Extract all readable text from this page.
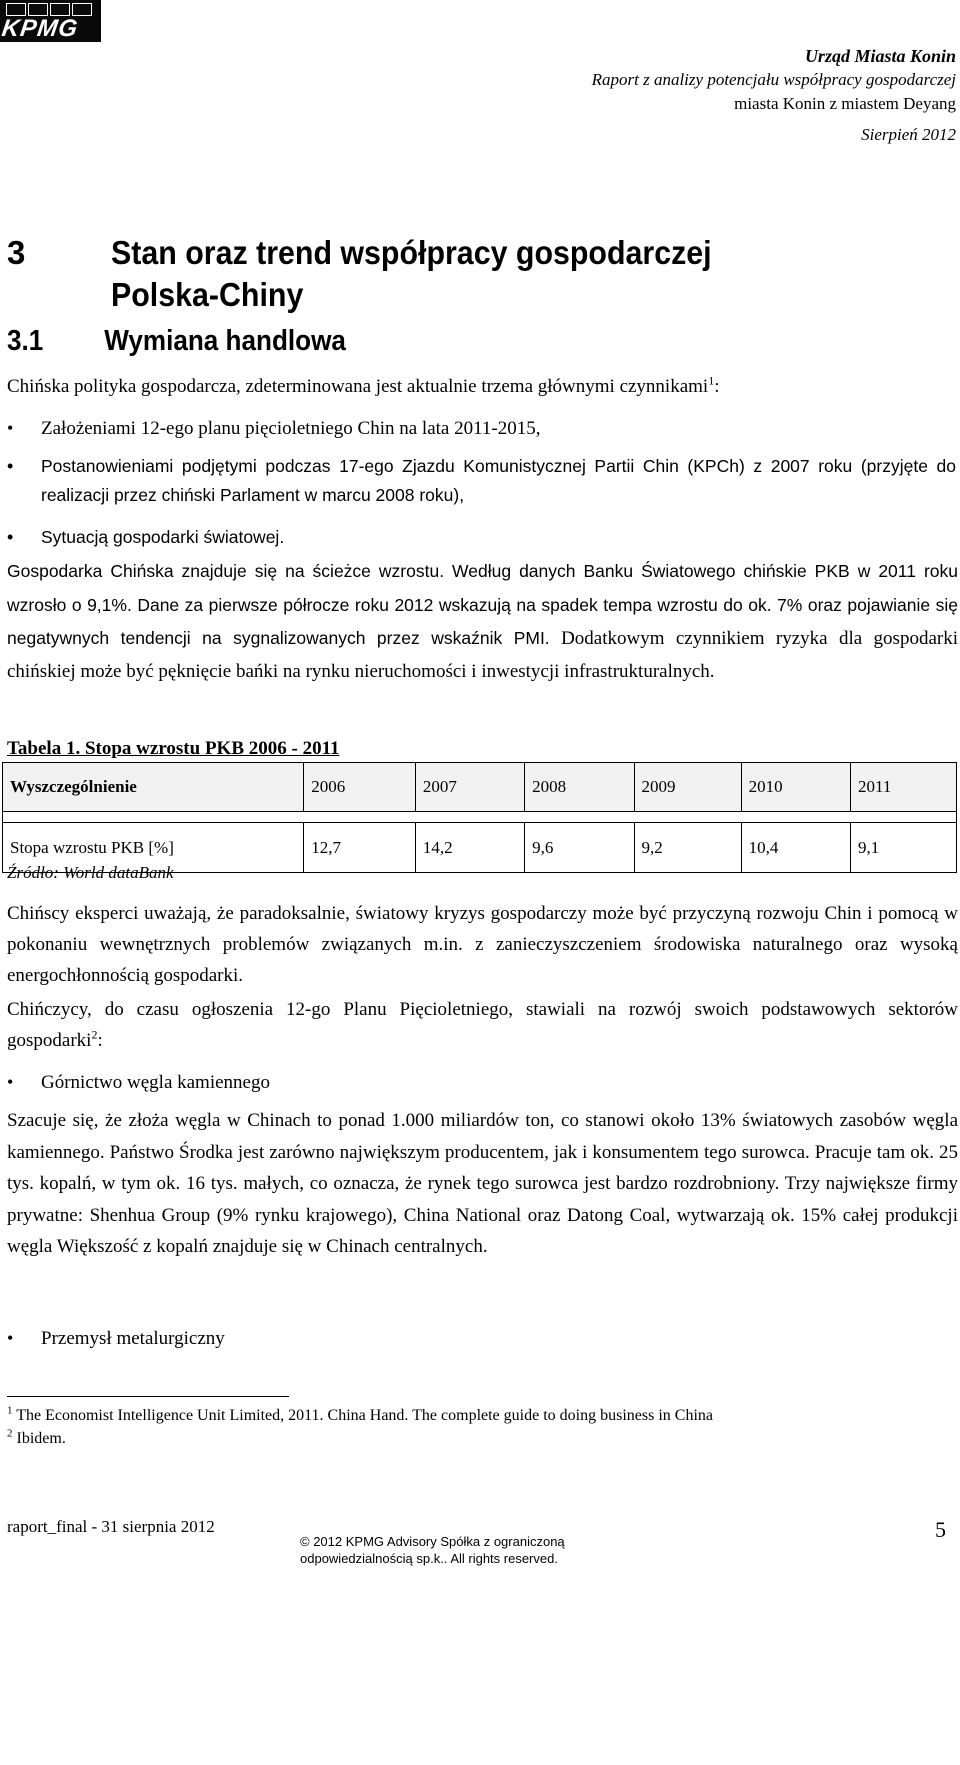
KPMG
Urząd Miasta Konin
Raport z analizy potencjału współpracy gospodarczej
miasta Konin z miastem Deyang
Sierpień 2012
3	Stan oraz trend współpracy gospodarczej Polska-Chiny
3.1 Wymiana handlowa
Chińska polityka gospodarcza, zdeterminowana jest aktualnie trzema głównymi czynnikami$^1$:
•	Założeniami 12-ego planu pięcioletniego Chin na lata 2011-2015,
•	Postanowieniami podjętymi podczas 17-ego Zjazdu Komunistycznej Partii Chin (KPCh) z 2007 roku (przyjęte do realizacji przez chiński Parlament w marcu 2008 roku),
•	Sytuacją gospodarki światowej.
Gospodarka Chińska znajduje się na ścieżce wzrostu. Według danych Banku Światowego chińskie PKB w 2011 roku wzrosło o 9,1%. Dane za pierwsze półrocze roku 2012 wskazują na spadek tempa wzrostu do ok. 7% oraz pojawianie się negatywnych tendencji na sygnalizowanych przez wskaźnik PMI. Dodatkowym czynnikiem ryzyka dla gospodarki chińskiej może być pęknięcie bańki na rynku nieruchomości i inwestycji infrastrukturalnych.
Tabela 1. Stopa wzrostu PKB 2006 - 2011
Wyszczególnienie	2006	2007	2008	2009	2010	2011

Stopa wzrostu PKB [%]	12,7	14,2	9,6	9,2	10,4	9,1
Źródło: World dataBank
Chińscy eksperci uważają, że paradoksalnie, światowy kryzys gospodarczy może być przyczyną rozwoju Chin i pomocą w pokonaniu wewnętrznych problemów związanych m.in. z zanieczyszczeniem środowiska naturalnego oraz wysoką energochłonnością gospodarki.
Chińczycy, do czasu ogłoszenia 12-go Planu Pięcioletniego, stawiali na rozwój swoich podstawowych sektorów gospodarki$^2$:
•	Górnictwo węgla kamiennego
Szacuje się, że złoża węgla w Chinach to ponad 1.000 miliardów ton, co stanowi około 13% światowych zasobów węgla kamiennego. Państwo Środka jest zarówno największym producentem, jak i konsumentem tego surowca. Pracuje tam ok. 25 tys. kopalń, w tym ok. 16 tys. małych, co oznacza, że rynek tego surowca jest bardzo rozdrobniony. Trzy największe firmy prywatne: Shenhua Group (9% rynku krajowego), China National oraz Datong Coal, wytwarzają ok. 15% całej produkcji węgla Większość z kopalń znajduje się w Chinach centralnych.
•	Przemysł metalurgiczny
$^1$ The Economist Intelligence Unit Limited, 2011. China Hand. The complete guide to doing business in China
$^2$ Ibidem.
raport_final - 31 sierpnia 2012
© 2012 KPMG Advisory Spółka z ograniczoną
odpowiedzialnością sp.k.. All rights reserved.
5
